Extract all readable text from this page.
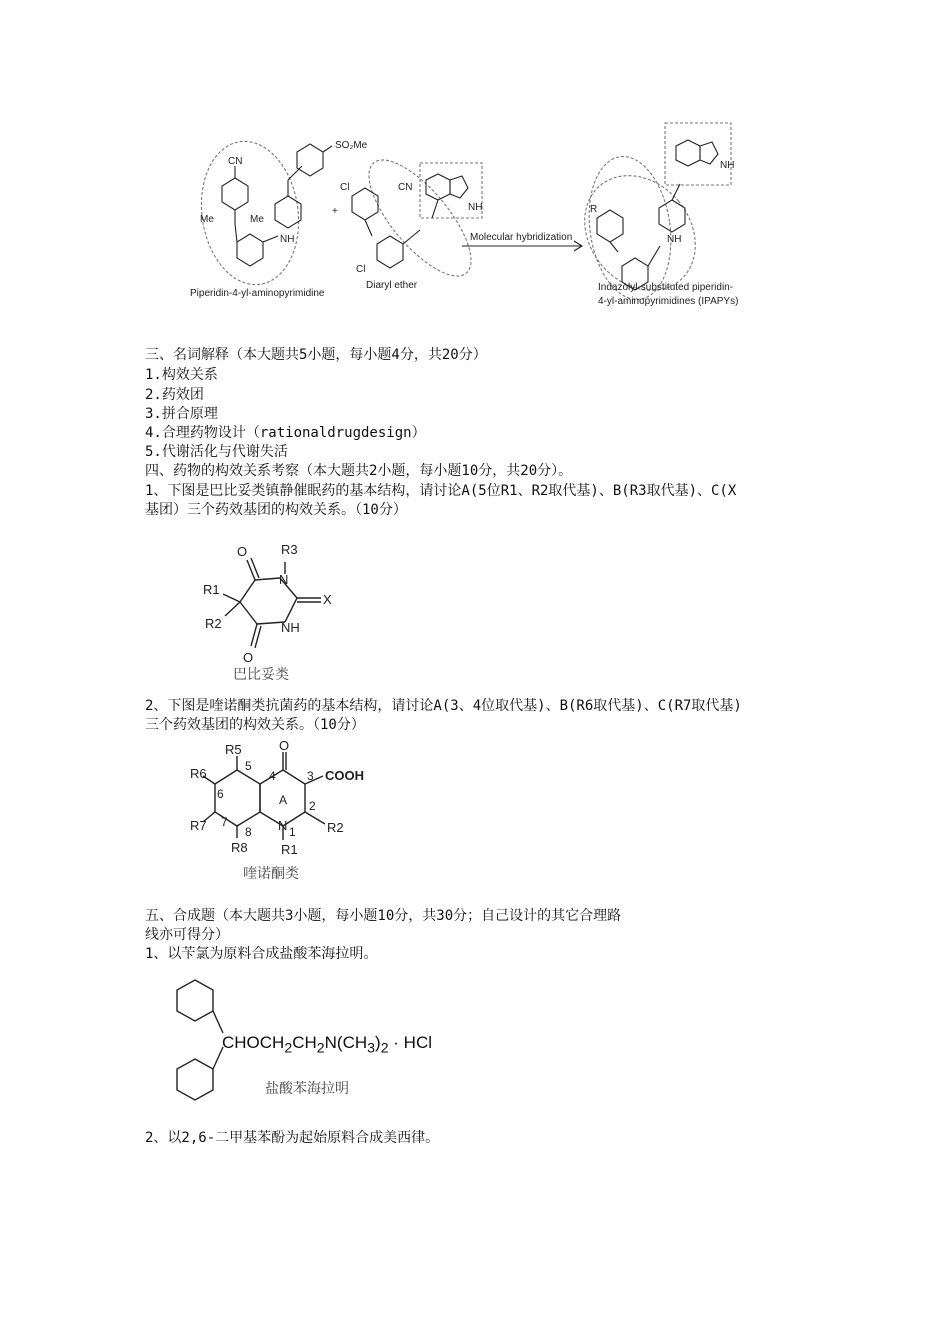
SO₂Me
CN
Me	Me
NH
+
Cl	CN
NH
Cl
Molecular hybridization
NH
R
NH
Piperidin-4-yl-aminopyrimidine
Diaryl ether	Indazolyl-substituted piperidin-
4-yl-aminopyrimidines (IPAPYs)
三、名词解释（本大题共5小题，每小题4分，共20分）
1.构效关系
2.药效团
3.拼合原理
4.合理药物设计（rationaldrugdesign）
5.代谢活化与代谢失活
四、药物的构效关系考察（本大题共2小题，每小题10分，共20分）。
1、下图是巴比妥类镇静催眠药的基本结构，请讨论A(5位R1、R2取代基)、B(R3取代基)、C(X
基团）三个药效基团的构效关系。（10分）
O	R3
N
R1
X
R2	NH
O
巴比妥类
2、下图是喹诺酮类抗菌药的基本结构，请讨论A(3、4位取代基)、B(R6取代基)、C(R7取代基)
三个药效基团的构效关系。（10分）
R5	O
COOH
R6
R7
R8
N
R1
R2
A
4	3
5
6
2
7
8	1
喹诺酮类
五、合成题（本大题共3小题，每小题10分，共30分；自己设计的其它合理路
线亦可得分）
1、以苄氯为原料合成盐酸苯海拉明。
$CHOCH_2CH_2N(CH_3)_2$ · HCl
盐酸苯海拉明
2、以2,6-二甲基苯酚为起始原料合成美西律。
